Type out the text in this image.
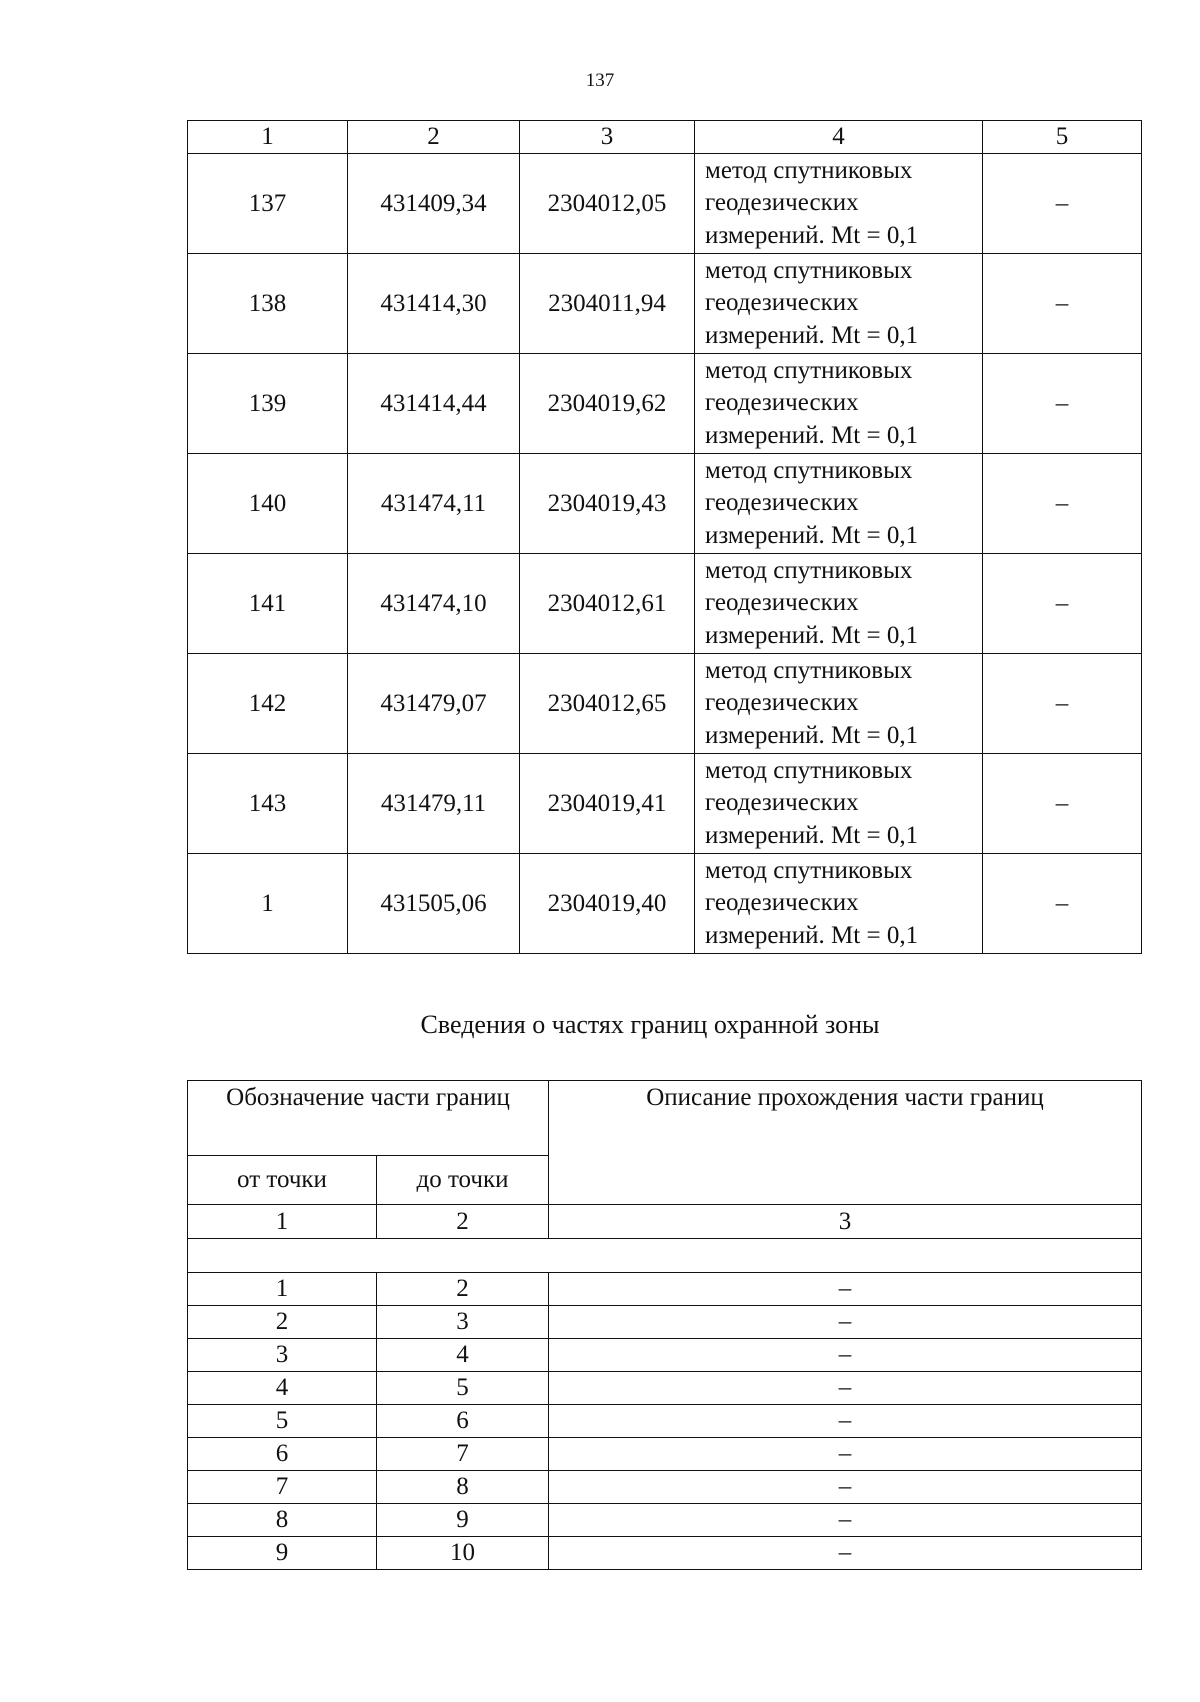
137
1	2	3	4	5
137	431409,34	2304012,05	метод спутниковых
геодезических
измерений. Mt = 0,1	–
138	431414,30	2304011,94	метод спутниковых
геодезических
измерений. Mt = 0,1	–
139	431414,44	2304019,62	метод спутниковых
геодезических
измерений. Mt = 0,1	–
140	431474,11	2304019,43	метод спутниковых
геодезических
измерений. Mt = 0,1	–
141	431474,10	2304012,61	метод спутниковых
геодезических
измерений. Mt = 0,1	–
142	431479,07	2304012,65	метод спутниковых
геодезических
измерений. Mt = 0,1	–
143	431479,11	2304019,41	метод спутниковых
геодезических
измерений. Mt = 0,1	–
1	431505,06	2304019,40	метод спутниковых
геодезических
измерений. Mt = 0,1	–
Сведения о частях границ охранной зоны
Обозначение части границ		Описание прохождения части границ
от точки	до точки	
1	2	3

1	2	–
2	3	–
3	4	–
4	5	–
5	6	–
6	7	–
7	8	–
8	9	–
9	10	–
